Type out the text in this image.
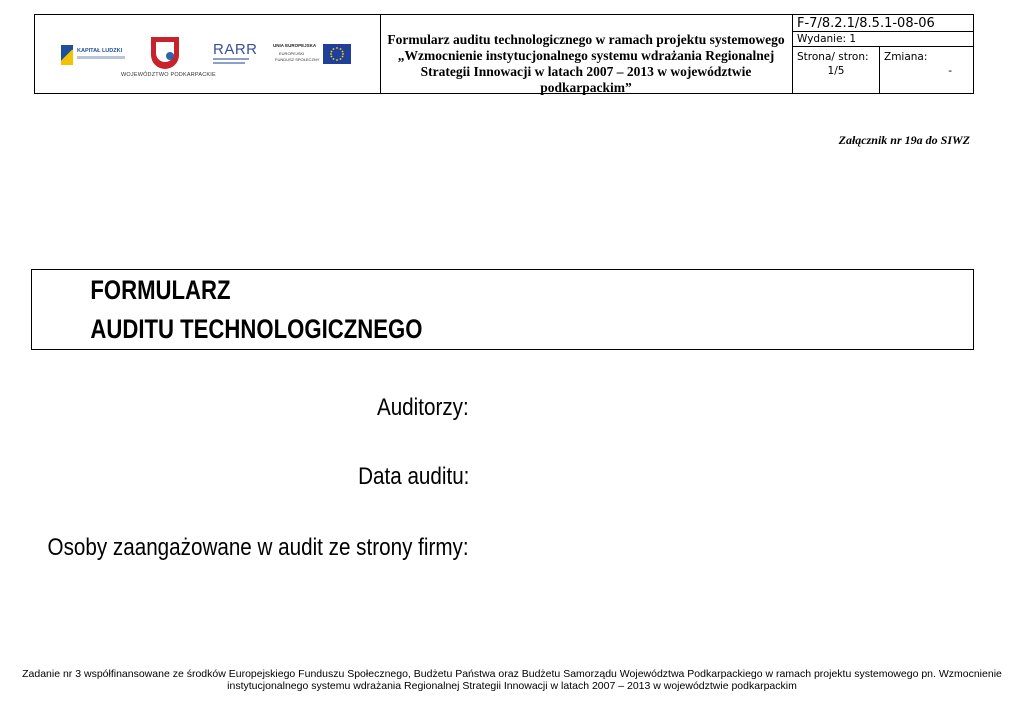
KAPITAŁ LUDZKI
WOJEWÓDZTWO PODKARPACKIE
RARR	UNIA EUROPEJSKA
EUROPEJSKI
FUNDUSZ SPOŁECZNY
Formularz auditu technologicznego w ramach projektu systemowego
„Wzmocnienie instytucjonalnego systemu wdrażania Regionalnej
Strategii Innowacji w latach 2007 – 2013 w województwie
podkarpackim”
F-7/8.2.1/8.5.1-08-06
Wydanie: 1
Strona/ stron:
1/5
Zmiana:
-
Załącznik nr 19a do SIWZ
FORMULARZ
AUDITU TECHNOLOGICZNEGO
Auditorzy:
Data auditu:
Osoby zaangażowane w audit ze strony firmy:
Zadanie nr 3 współfinansowane ze środków Europejskiego Funduszu Społecznego, Budżetu Państwa oraz Budżetu Samorządu Województwa Podkarpackiego w ramach projektu systemowego pn. Wzmocnienie
instytucjonalnego systemu wdrażania Regionalnej Strategii Innowacji w latach 2007 – 2013 w województwie podkarpackim
